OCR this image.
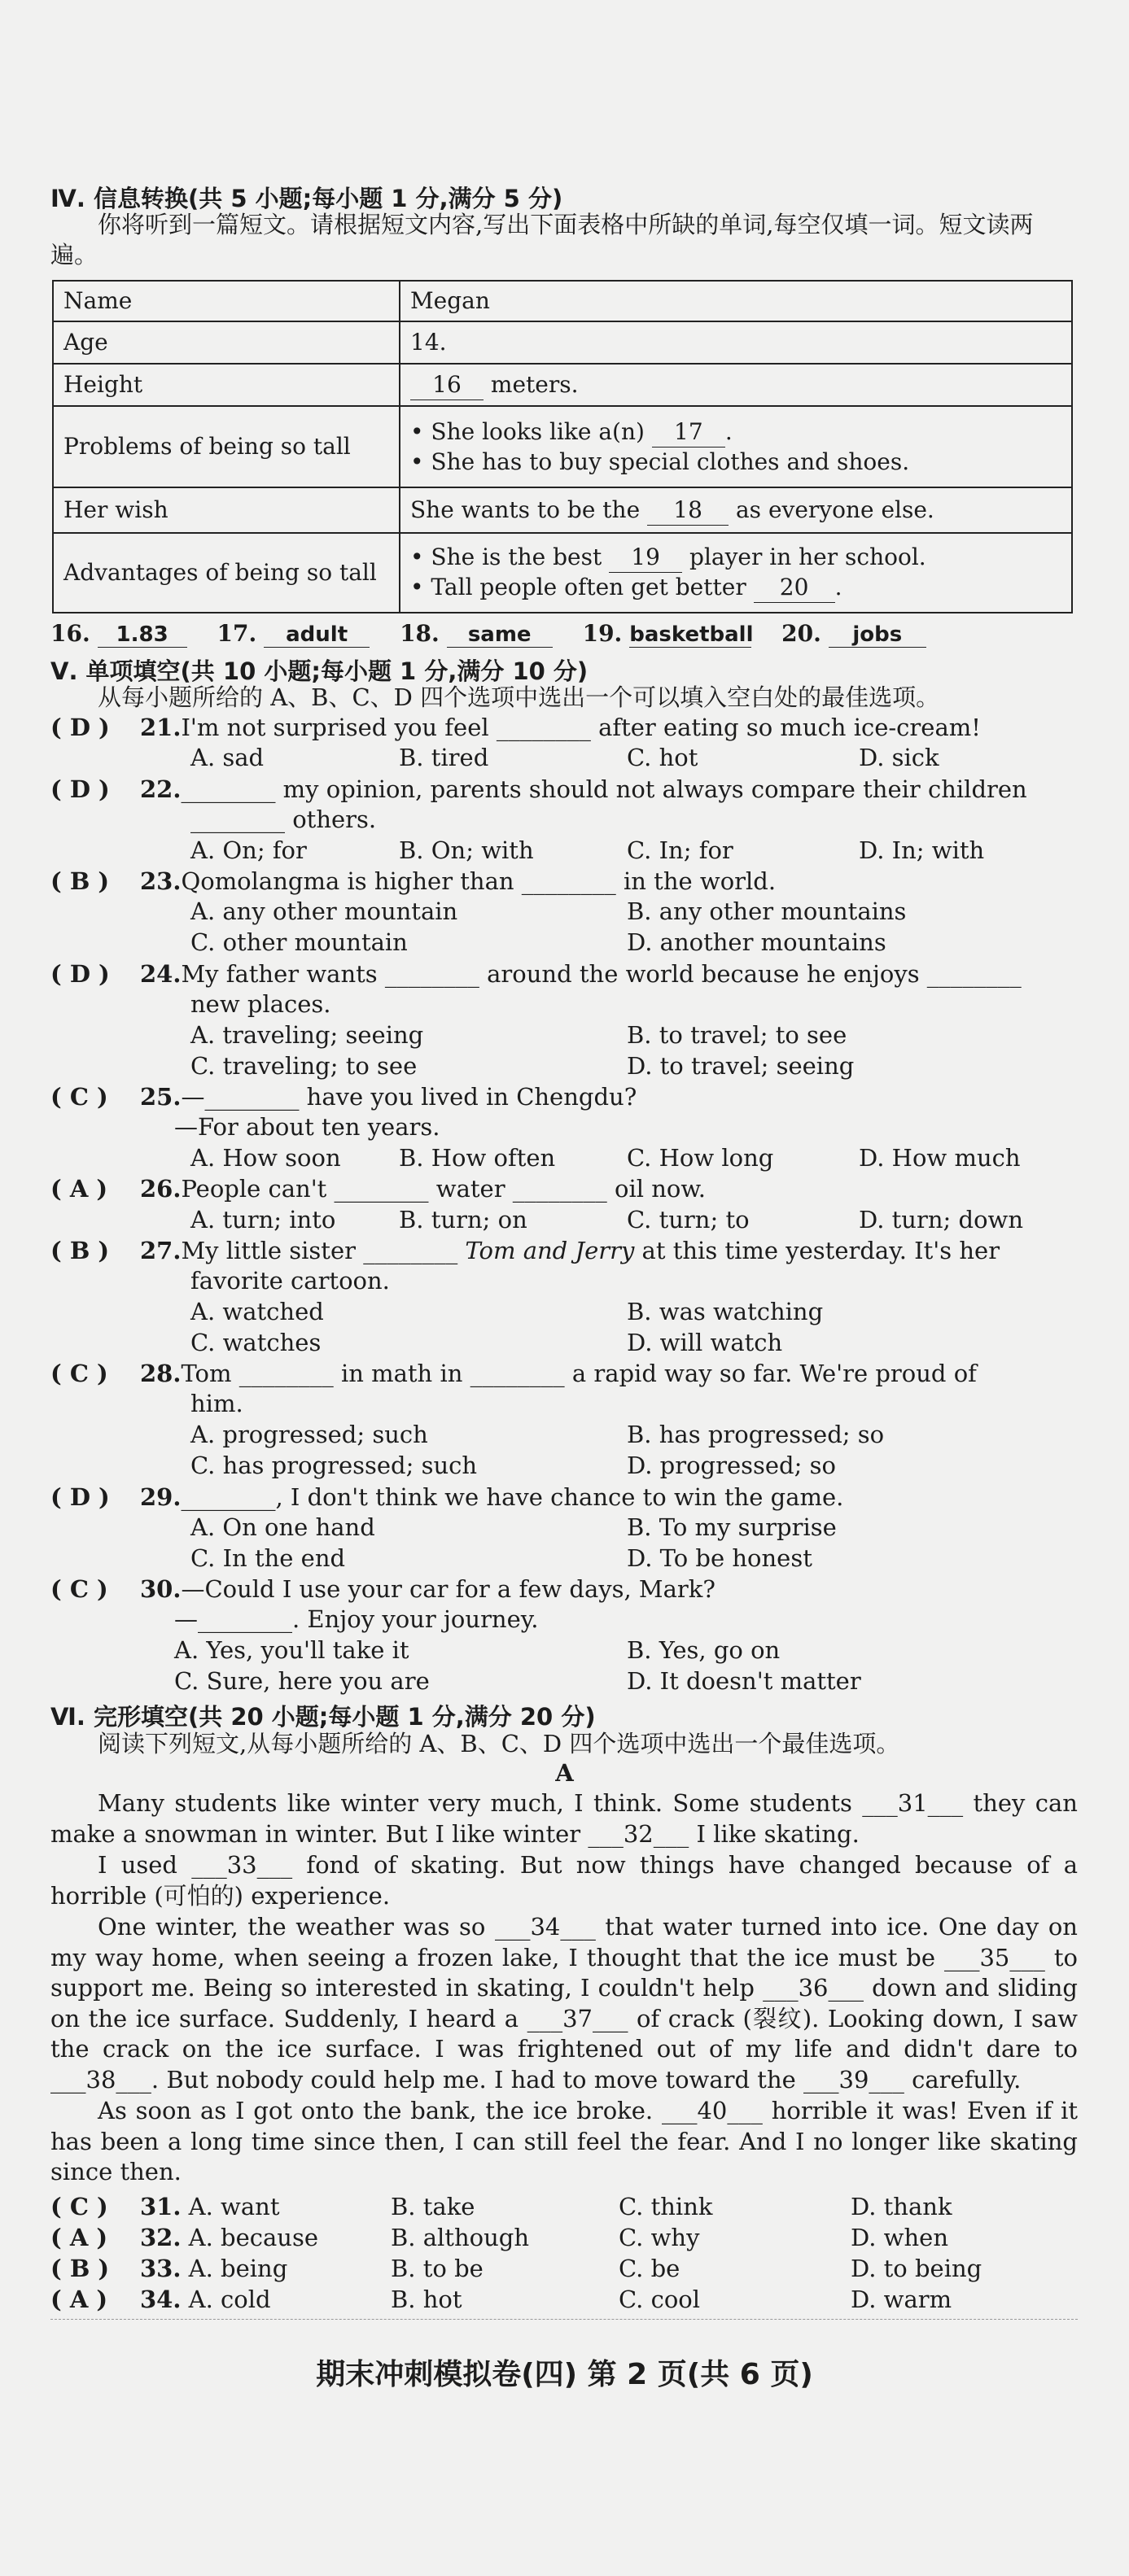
Ⅳ. 信息转换(共 5 小题;每小题 1 分,满分 5 分)
你将听到一篇短文。请根据短文内容,写出下面表格中所缺的单词,每空仅填一词。短文读两遍。
Name	Megan
Age	14.
Height	16 meters.
Problems of being so tall	• She looks like a(n) 17 .
• She has to buy special clothes and shoes.

Her wish	She wants to be the 18 as everyone else.
Advantages of being so tall	• She is the best 19 player in her school.
• Tall people often get better 20 .
16. 1.83 17. adult 18. same 19. basketball 20. jobs
Ⅴ. 单项填空(共 10 小题;每小题 1 分,满分 10 分)
从每小题所给的 A、B、C、D 四个选项中选出一个可以填入空白处的最佳选项。
( D ) 21.I'm not surprised you feel ________ after eating so much ice-cream!
A. sad	B. tired	C. hot	D. sick
( D ) 22.________ my opinion, parents should not always compare their children
________ others.
A. On; for	B. On; with	C. In; for	D. In; with
( B ) 23.Qomolangma is higher than ________ in the world.
A. any other mountain	B. any other mountains
C. other mountain	D. another mountains
( D ) 24.My father wants ________ around the world because he enjoys ________
new places.
A. traveling; seeing	B. to travel; to see
C. traveling; to see	D. to travel; seeing
( C ) 25.—________ have you lived in Chengdu?
—For about ten years.
A. How soon B. How often	C. How long	D. How much
( A ) 26.People can't ________ water ________ oil now.
A. turn; into	B. turn; on	C. turn; to	D. turn; down
( B ) 27.My little sister ________ Tom and Jerry at this time yesterday. It's her
favorite cartoon.
A. watched	B. was watching
C. watches	D. will watch
( C ) 28.Tom ________ in math in ________ a rapid way so far. We're proud of
him.
A. progressed; such	B. has progressed; so
C. has progressed; such	D. progressed; so
( D ) 29.________, I don't think we have chance to win the game.
A. On one hand	B. To my surprise
C. In the end	D. To be honest
( C ) 30.—Could I use your car for a few days, Mark?
—________. Enjoy your journey.
A. Yes, you'll take it	B. Yes, go on
C. Sure, here you are	D. It doesn't matter
Ⅵ. 完形填空(共 20 小题;每小题 1 分,满分 20 分)
阅读下列短文,从每小题所给的 A、B、C、D 四个选项中选出一个最佳选项。
A
Many students like winter very much, I think. Some students ___31___ they can make a snowman in winter. But I like winter ___32___ I like skating.
I used ___33___ fond of skating. But now things have changed because of a horrible (可怕的) experience.
One winter, the weather was so ___34___ that water turned into ice. One day on my way home, when seeing a frozen lake, I thought that the ice must be ___35___ to support me. Being so interested in skating, I couldn't help ___36___ down and sliding on the ice surface. Suddenly, I heard a ___37___ of crack (裂纹). Looking down, I saw the crack on the ice surface. I was frightened out of my life and didn't dare to ___38___. But nobody could help me. I had to move toward the ___39___ carefully.
As soon as I got onto the bank, the ice broke. ___40___ horrible it was! Even if it has been a long time since then, I can still feel the fear. And I no longer like skating since then.
( C ) 31. A. want	B. take	C. think	D. thank
( A ) 32. A. because	B. although	C. why	D. when
( B ) 33. A. being	B. to be	C. be	D. to being
( A ) 34. A. cold	B. hot	C. cool	D. warm
期末冲刺模拟卷(四) 第 2 页(共 6 页)
